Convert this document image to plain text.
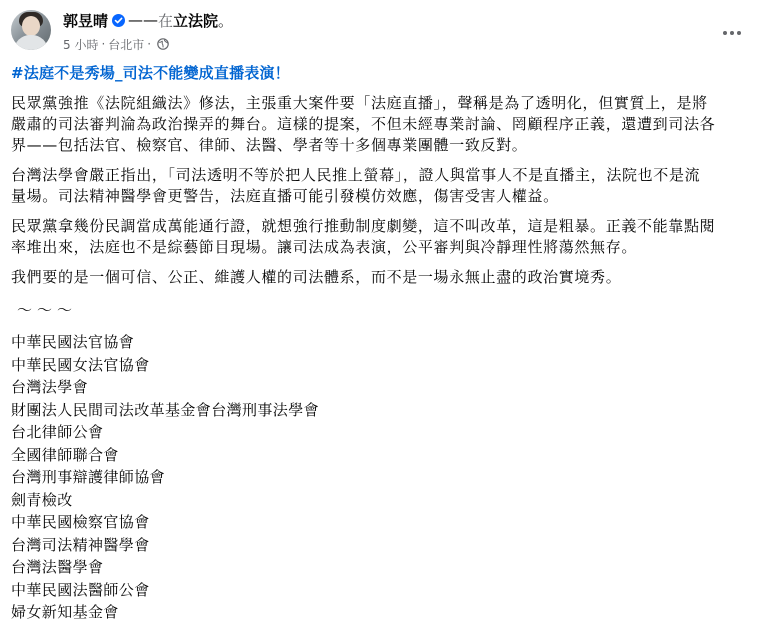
郭昱晴 —— 在 立法院 。
5 小時 · 台北市 ·
#法庭不是秀場_司法不能變成直播表演！
民眾黨強推《法院組織法》修法，主張重大案件要「法庭直播」，聲稱是為了透明化，但實質上，是將
嚴肅的司法審判淪為政治操弄的舞台。這樣的提案，不但未經專業討論、罔顧程序正義，還遭到司法各
界——包括法官、檢察官、律師、法醫、學者等十多個專業團體一致反對。
台灣法學會嚴正指出，「司法透明不等於把人民推上螢幕」，證人與當事人不是直播主，法院也不是流
量場。司法精神醫學會更警告，法庭直播可能引發模仿效應，傷害受害人權益。
民眾黨拿幾份民調當成萬能通行證，就想強行推動制度劇變，這不叫改革，這是粗暴。正義不能靠點閱
率堆出來，法庭也不是綜藝節目現場。讓司法成為表演，公平審判與冷靜理性將蕩然無存。
我們要的是一個可信、公正、維護人權的司法體系，而不是一場永無止盡的政治實境秀。
～～～
中華民國法官協會
中華民國女法官協會
台灣法學會
財團法人民間司法改革基金會台灣刑事法學會
台北律師公會
全國律師聯合會
台灣刑事辯護律師協會
劍青檢改
中華民國檢察官協會
台灣司法精神醫學會
台灣法醫學會
中華民國法醫師公會
婦女新知基金會
